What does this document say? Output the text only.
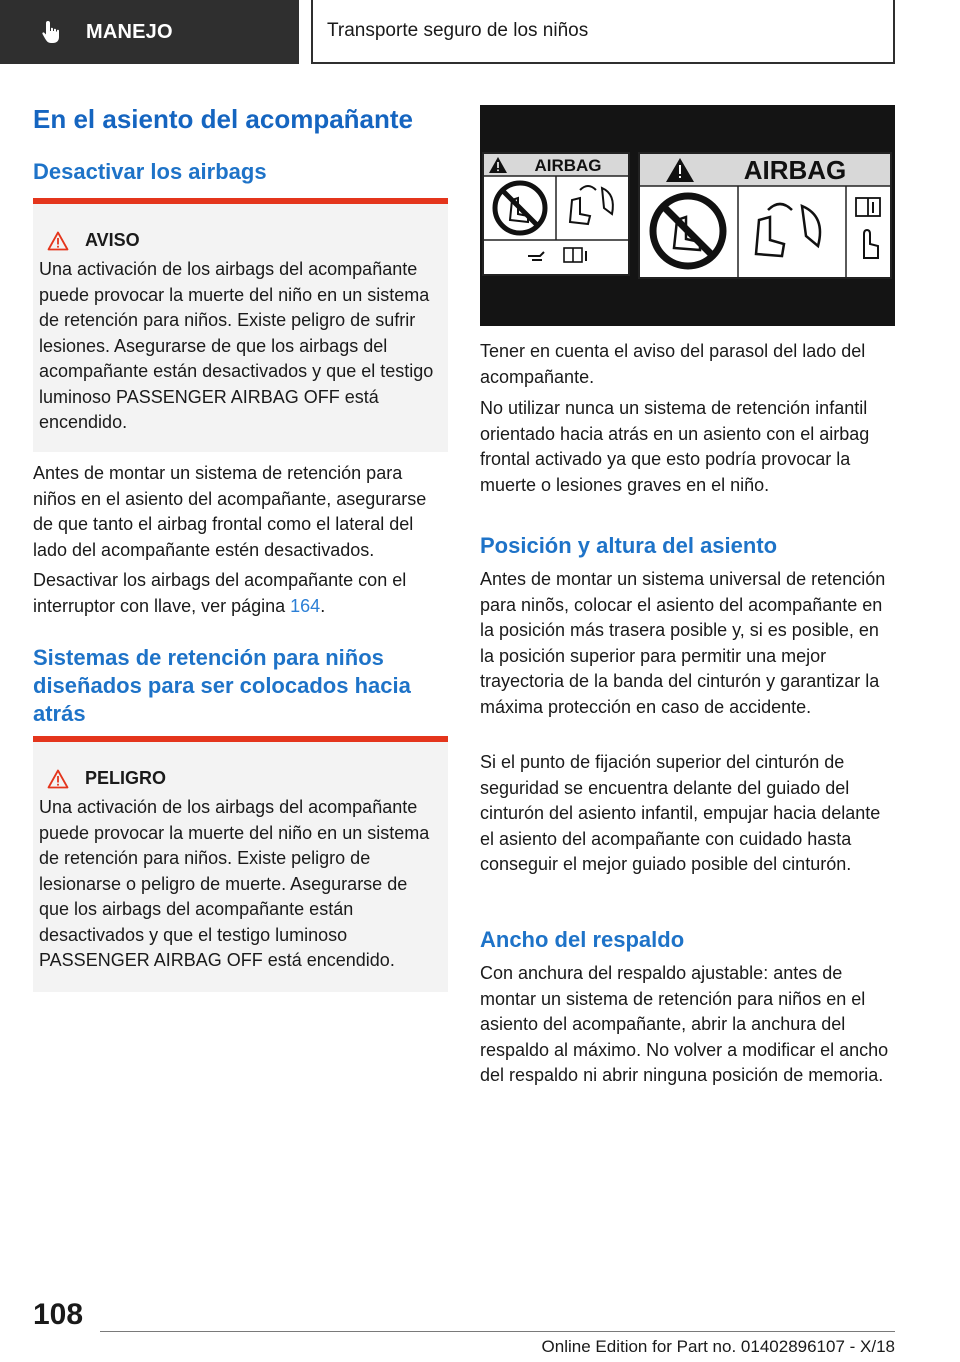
MANEJO	Transporte seguro de los niños
En el asiento del acompañante
Desactivar los airbags
AVISO
Una activación de los airbags del acompañante puede provocar la muerte del niño en un sistema de retención para niños. Existe peligro de sufrir lesiones. Asegurarse de que los airbags del acompañante están desactivados y que el testigo luminoso PASSENGER AIRBAG OFF está encendido.
Antes de montar un sistema de retención para niños en el asiento del acompañante, asegurarse de que tanto el airbag frontal como el lateral del lado del acompañante estén desactivados.
Desactivar los airbags del acompañante con el interruptor con llave, ver página 164.
Sistemas de retención para niños diseñados para ser colocados hacia atrás
PELIGRO
Una activación de los airbags del acompañante puede provocar la muerte del niño en un sistema de retención para niños. Existe peligro de lesionarse o peligro de muerte. Asegurarse de que los airbags del acompañante están desactivados y que el testigo luminoso PASSENGER AIRBAG OFF está encendido.
AIRBAG	AIRBAG
Tener en cuenta el aviso del parasol del lado del acompañante.
No utilizar nunca un sistema de retención infantil orientado hacia atrás en un asiento con el airbag frontal activado ya que esto podría provocar la muerte o lesiones graves en el niño.
Posición y altura del asiento
Antes de montar un sistema universal de retención para ninõs, colocar el asiento del acompañante en la posición más trasera posible y, si es posible, en la posición superior para permitir una mejor trayectoria de la banda del cinturón y garantizar la máxima protección en caso de accidente.
Si el punto de fijación superior del cinturón de seguridad se encuentra delante del guiado del cinturón del asiento infantil, empujar hacia delante el asiento del acompañante con cuidado hasta conseguir el mejor guiado posible del cinturón.
Ancho del respaldo
Con anchura del respaldo ajustable: antes de montar un sistema de retención para niños en el asiento del acompañante, abrir la anchura del respaldo al máximo. No volver a modificar el ancho del respaldo ni abrir ninguna posición de memoria.
108
Online Edition for Part no. 01402896107 - X/18
